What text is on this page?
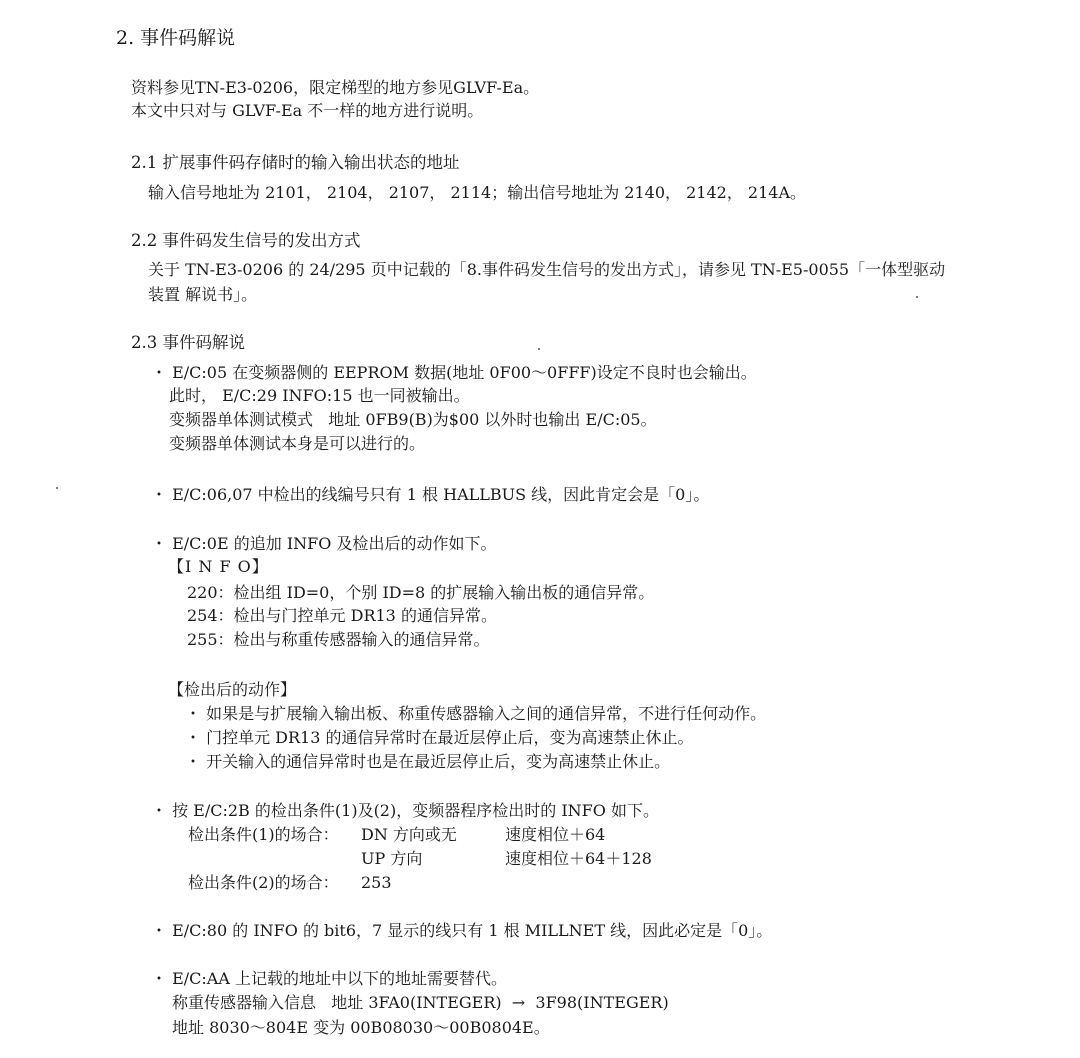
2. 事件码解说
资料参见TN-E3-0206，限定梯型的地方参见GLVF-Ea。
本文中只对与 GLVF-Ea 不一样的地方进行说明。
2.1 扩展事件码存储时的输入输出状态的地址
输入信号地址为 2101， 2104， 2107， 2114；输出信号地址为 2140， 2142， 214A。
2.2 事件码发生信号的发出方式
关于 TN-E3-0206 的 24/295 页中记载的「8.事件码发生信号的发出方式」，请参见 TN-E5-0055「一体型驱动
装置 解说书」。
2.3 事件码解说
・ E/C:05 在变频器侧的 EEPROM 数据(地址 0F00～0FFF)设定不良时也会输出。
此时， E/C:29 INFO:15 也一同被输出。
变频器单体测试模式   地址 0FB9(B)为$00 以外时也输出 E/C:05。
变频器单体测试本身是可以进行的。
・ E/C:06,07 中检出的线编号只有 1 根 HALLBUS 线，因此肯定会是「0」。
・ E/C:0E 的追加 INFO 及检出后的动作如下。
【I N F O】
220：检出组 ID=0，个别 ID=8 的扩展输入输出板的通信异常。
254：检出与门控单元 DR13 的通信异常。
255：检出与称重传感器输入的通信异常。
【检出后的动作】
・ 如果是与扩展输入输出板、称重传感器输入之间的通信异常，不进行任何动作。
・ 门控单元 DR13 的通信异常时在最近层停止后，变为高速禁止休止。
・ 开关输入的通信异常时也是在最近层停止后，变为高速禁止休止。
・ 按 E/C:2B 的检出条件(1)及(2)，变频器程序检出时的 INFO 如下。
检出条件(1)的场合： DN 方向或无	速度相位＋64
UP 方向	速度相位＋64＋128
检出条件(2)的场合： 253
・ E/C:80 的 INFO 的 bit6，7 显示的线只有 1 根 MILLNET 线，因此必定是「0」。
・ E/C:AA 上记载的地址中以下的地址需要替代。
称重传感器输入信息   地址 3FA0(INTEGER)  →  3F98(INTEGER)
地址 8030～804E 变为 00B08030～00B0804E。
